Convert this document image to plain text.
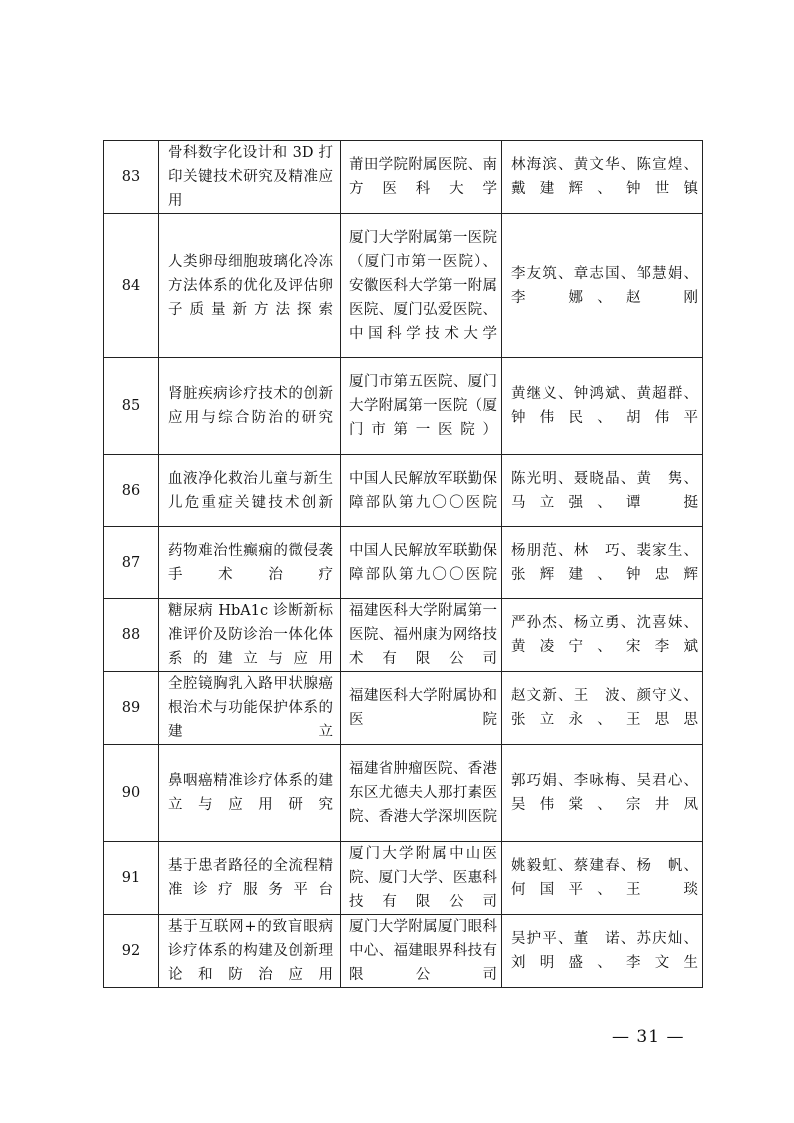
83	骨科数字化设计和 3D 打印关键技术研究及精准应用	莆田学院附属医院、南方医科大学	林海滨、黄文华、陈宣煌、戴建辉、钟世镇

84	人类卵母细胞玻璃化冷冻方法体系的优化及评估卵子质量新方法探索	厦门大学附属第一医院（厦门市第一医院）、安徽医科大学第一附属医院、厦门弘爱医院、中国科学技术大学	李友筑、章志国、邹慧娟、李　娜、赵　刚

85	肾脏疾病诊疗技术的创新应用与综合防治的研究	厦门市第五医院、厦门大学附属第一医院（厦门市第一医院）	黄继义、钟鸿斌、黄超群、钟伟民、胡伟平

86	血液净化救治儿童与新生儿危重症关键技术创新	中国人民解放军联勤保障部队第九〇〇医院	陈光明、聂晓晶、黄　隽、马立强、谭　挺

87	药物难治性癫痫的微侵袭手术治疗	中国人民解放军联勤保障部队第九〇〇医院	杨朋范、林　巧、裴家生、张辉建、钟忠辉

88	糖尿病 HbA1c 诊断新标准评价及防诊治一体化体系的建立与应用	福建医科大学附属第一医院、福州康为网络技术有限公司	严孙杰、杨立勇、沈喜妹、黄凌宁、宋李斌

89	全腔镜胸乳入路甲状腺癌根治术与功能保护体系的建立	福建医科大学附属协和医院	赵文新、王　波、颜守义、张立永、王思思

90	鼻咽癌精准诊疗体系的建立与应用研究	福建省肿瘤医院、香港东区尤德夫人那打素医院、香港大学深圳医院	郭巧娟、李咏梅、吴君心、吴伟棠、宗井凤

91	基于患者路径的全流程精准诊疗服务平台	厦门大学附属中山医院、厦门大学、医惠科技有限公司	姚毅虹、蔡建春、杨　帆、何国平、王　琰

92	基于互联网+的致盲眼病诊疗体系的构建及创新理论和防治应用	厦门大学附属厦门眼科中心、福建眼界科技有限公司	吴护平、董　诺、苏庆灿、刘明盛、李文生
— 31 —
